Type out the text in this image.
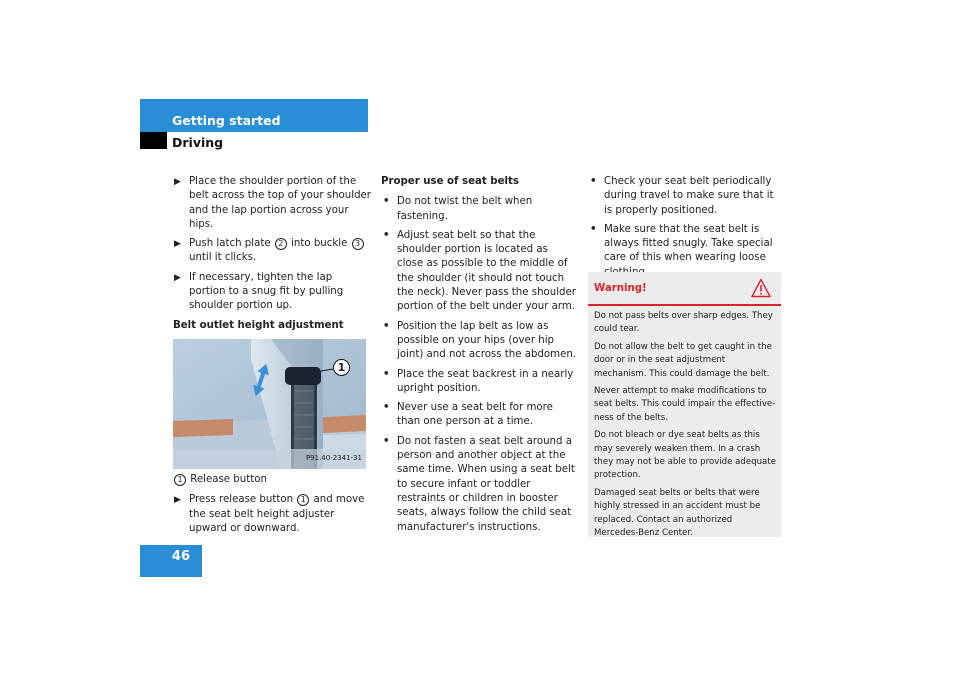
Getting started
Driving
▶ Place the shoulder portion of the belt across the top of your shoulder and the lap portion across your hips.
▶ Push latch plate 2 into buckle 3 until it clicks.
▶ If necessary, tighten the lap portion to a snug fit by pulling shoulder portion up.
Belt outlet height adjustment
1
P91.40-2341-31
1 Release button
▶ Press release button 1 and move the seat belt height adjuster upward or downward.
Proper use of seat belts
• Do not twist the belt when fastening.
• Adjust seat belt so that the shoulder portion is located as close as possible to the middle of the shoulder (it should not touch the neck). Never pass the shoulder portion of the belt under your arm.
• Position the lap belt as low as possible on your hips (over hip joint) and not across the abdomen.
• Place the seat backrest in a nearly upright position.
• Never use a seat belt for more than one person at a time.
• Do not fasten a seat belt around a person and another object at the same time. When using a seat belt to secure infant or toddler restraints or children in booster seats, always follow the child seat manufacturer's instructions.
• Check your seat belt periodically during travel to make sure that it is properly positioned.
• Make sure that the seat belt is always fitted snugly. Take special care of this when wearing loose
Warning!

Do not pass belts over sharp edges. They could tear.

Do not allow the belt to get caught in the door or in the seat adjustment mechanism. This could damage the belt.

Never attempt to make modifications to seat belts. This could impair the effective-ness of the belts.

Do not bleach or dye seat belts as this may severely weaken them. In a crash they may not be able to provide adequate protection.

Damaged seat belts or belts that were highly stressed in an accident must be replaced. Contact an authorized Mercedes-Benz Center.

46
